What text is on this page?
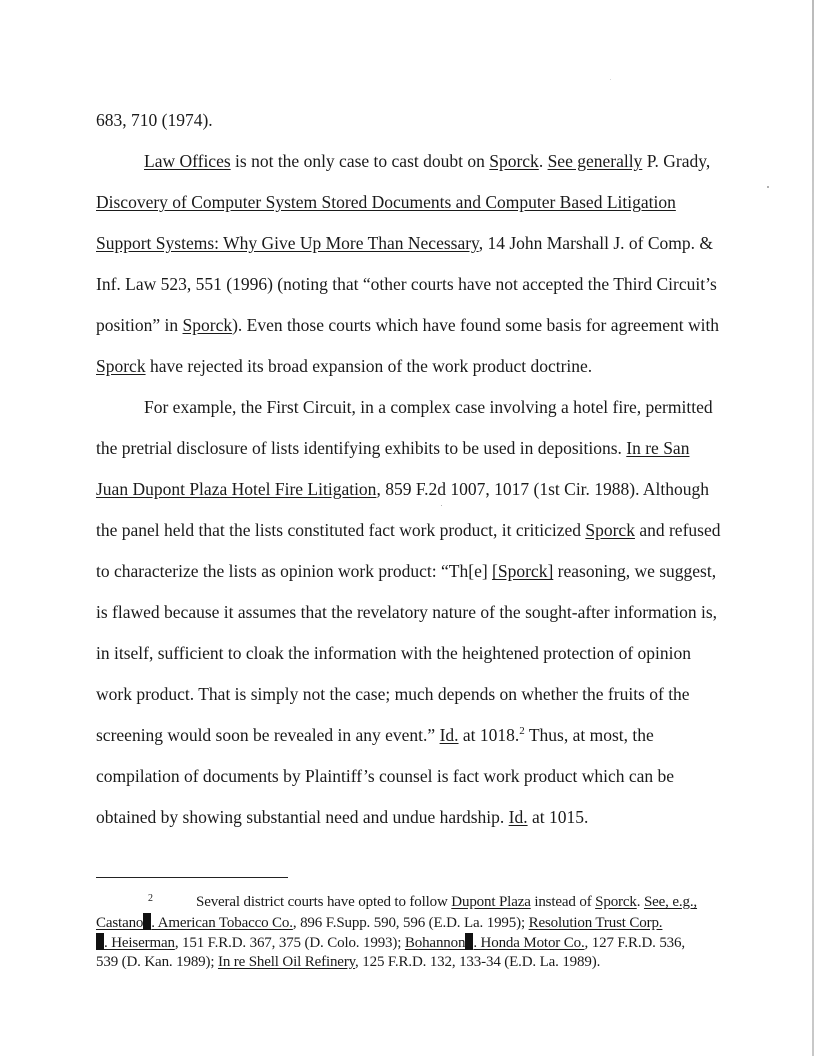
683, 710 (1974).
Law Offices is not the only case to cast doubt on Sporck. See generally P. Grady,
Discovery of Computer System Stored Documents and Computer Based Litigation
Support Systems: Why Give Up More Than Necessary, 14 John Marshall J. of Comp. &
Inf. Law 523, 551 (1996) (noting that “other courts have not accepted the Third Circuit’s
position” in Sporck). Even those courts which have found some basis for agreement with
Sporck have rejected its broad expansion of the work product doctrine.
For example, the First Circuit, in a complex case involving a hotel fire, permitted
the pretrial disclosure of lists identifying exhibits to be used in depositions. In re San
Juan Dupont Plaza Hotel Fire Litigation, 859 F.2d 1007, 1017 (1st Cir. 1988). Although
the panel held that the lists constituted fact work product, it criticized Sporck and refused
to characterize the lists as opinion work product: “Th[e] [Sporck] reasoning, we suggest,
is flawed because it assumes that the revelatory nature of the sought-after information is,
in itself, sufficient to cloak the information with the heightened protection of opinion
work product. That is simply not the case; much depends on whether the fruits of the
screening would soon be revealed in any event.” Id. at 1018.$^2$ Thus, at most, the
compilation of documents by Plaintiff’s counsel is fact work product which can be
obtained by showing substantial need and undue hardship. Id. at 1015.
2	Several district courts have opted to follow Dupont Plaza instead of Sporck. See, e.g.,
Castano . American Tobacco Co., 896 F.Supp. 590, 596 (E.D. La. 1995); Resolution Trust Corp.
. Heiserman, 151 F.R.D. 367, 375 (D. Colo. 1993); Bohannon . Honda Motor Co., 127 F.R.D. 536,
539 (D. Kan. 1989); In re Shell Oil Refinery, 125 F.R.D. 132, 133-34 (E.D. La. 1989).
